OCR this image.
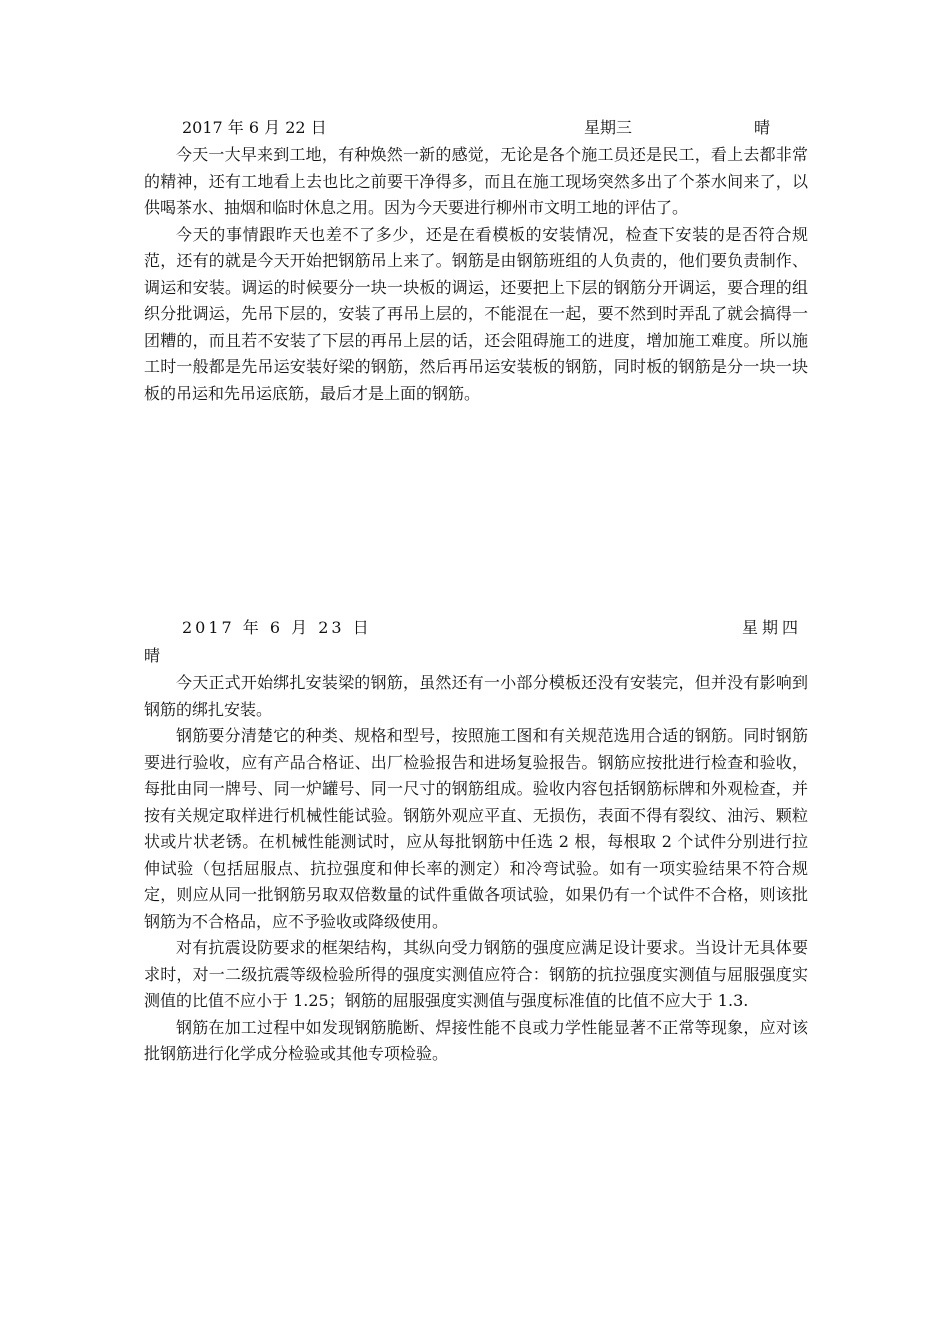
2017 年 6 月 22 日	星期三	晴

今天一大早来到工地，有种焕然一新的感觉，无论是各个施工员还是民工，看上去都非常的精神，还有工地看上去也比之前要干净得多，而且在施工现场突然多出了个茶水间来了，以供喝茶水、抽烟和临时休息之用。因为今天要进行柳州市文明工地的评估了。

今天的事情跟昨天也差不了多少，还是在看模板的安装情况，检查下安装的是否符合规范，还有的就是今天开始把钢筋吊上来了。钢筋是由钢筋班组的人负责的，他们要负责制作、调运和安装。调运的时候要分一块一块板的调运，还要把上下层的钢筋分开调运，要合理的组织分批调运，先吊下层的，安装了再吊上层的，不能混在一起，要不然到时弄乱了就会搞得一团糟的，而且若不安装了下层的再吊上层的话，还会阻碍施工的进度，增加施工难度。所以施工时一般都是先吊运安装好梁的钢筋，然后再吊运安装板的钢筋，同时板的钢筋是分一块一块板的吊运和先吊运底筋，最后才是上面的钢筋。

2017 年 6 月 23 日	星期四
晴

今天正式开始绑扎安装梁的钢筋，虽然还有一小部分模板还没有安装完，但并没有影响到钢筋的绑扎安装。

钢筋要分清楚它的种类、规格和型号，按照施工图和有关规范选用合适的钢筋。同时钢筋要进行验收，应有产品合格证、出厂检验报告和进场复验报告。钢筋应按批进行检查和验收，每批由同一牌号、同一炉罐号、同一尺寸的钢筋组成。验收内容包括钢筋标牌和外观检查，并按有关规定取样进行机械性能试验。钢筋外观应平直、无损伤，表面不得有裂纹、油污、颗粒状或片状老锈。在机械性能测试时，应从每批钢筋中任选 2 根，每根取 2 个试件分别进行拉伸试验（包括屈服点、抗拉强度和伸长率的测定）和冷弯试验。如有一项实验结果不符合规定，则应从同一批钢筋另取双倍数量的试件重做各项试验，如果仍有一个试件不合格，则该批钢筋为不合格品，应不予验收或降级使用。

对有抗震设防要求的框架结构，其纵向受力钢筋的强度应满足设计要求。当设计无具体要求时，对一二级抗震等级检验所得的强度实测值应符合：钢筋的抗拉强度实测值与屈服强度实测值的比值不应小于 1.25；钢筋的屈服强度实测值与强度标准值的比值不应大于 1.3.

钢筋在加工过程中如发现钢筋脆断、焊接性能不良或力学性能显著不正常等现象，应对该批钢筋进行化学成分检验或其他专项检验。
